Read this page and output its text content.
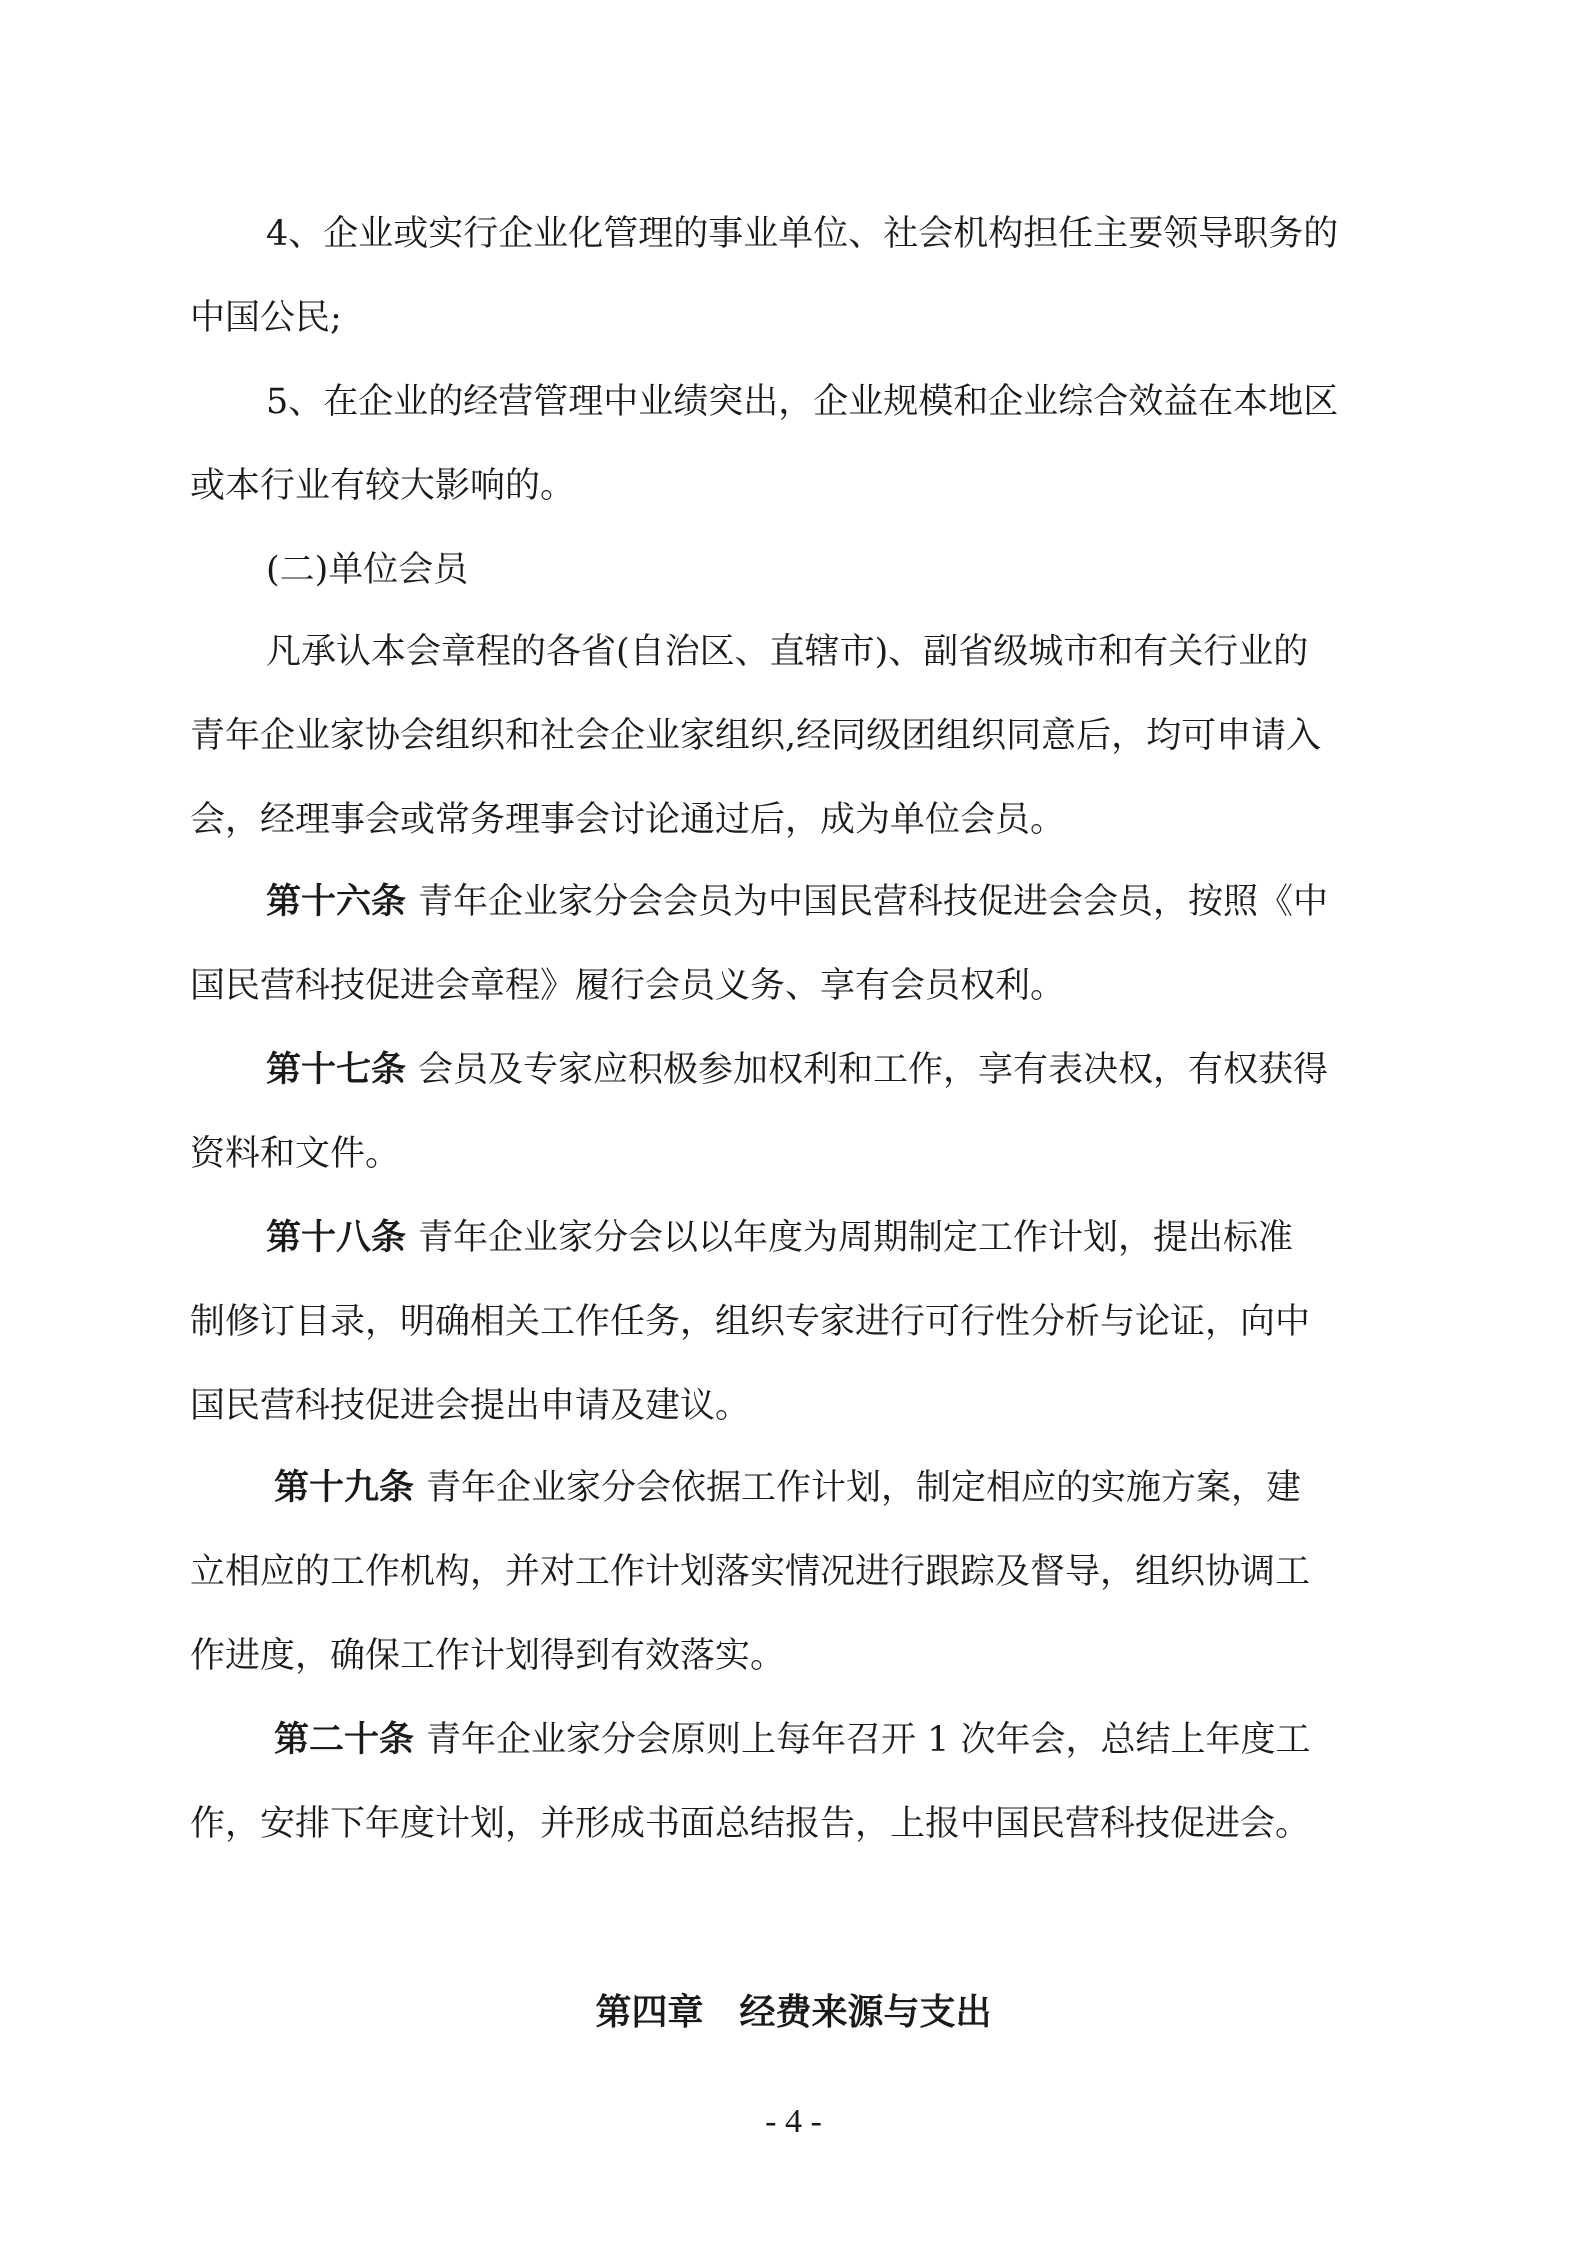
4、企业或实行企业化管理的事业单位、社会机构担任主要领导职务的

中国公民;

5、在企业的经营管理中业绩突出，企业规模和企业综合效益在本地区

或本行业有较大影响的。

(二)单位会员

凡承认本会章程的各省(自治区、直辖市)、副省级城市和有关行业的

青年企业家协会组织和社会企业家组织,经同级团组织同意后，均可申请入

会，经理事会或常务理事会讨论通过后，成为单位会员。

第十六条 青年企业家分会会员为中国民营科技促进会会员，按照《中

国民营科技促进会章程》履行会员义务、享有会员权利。

第十七条 会员及专家应积极参加权利和工作，享有表决权，有权获得

资料和文件。

第十八条 青年企业家分会以以年度为周期制定工作计划，提出标准

制修订目录，明确相关工作任务，组织专家进行可行性分析与论证，向中

国民营科技促进会提出申请及建议。

第十九条 青年企业家分会依据工作计划，制定相应的实施方案，建

立相应的工作机构，并对工作计划落实情况进行跟踪及督导，组织协调工

作进度，确保工作计划得到有效落实。

第二十条 青年企业家分会原则上每年召开 1 次年会，总结上年度工

作，安排下年度计划，并形成书面总结报告，上报中国民营科技促进会。

第四章　经费来源与支出

- 4 -
